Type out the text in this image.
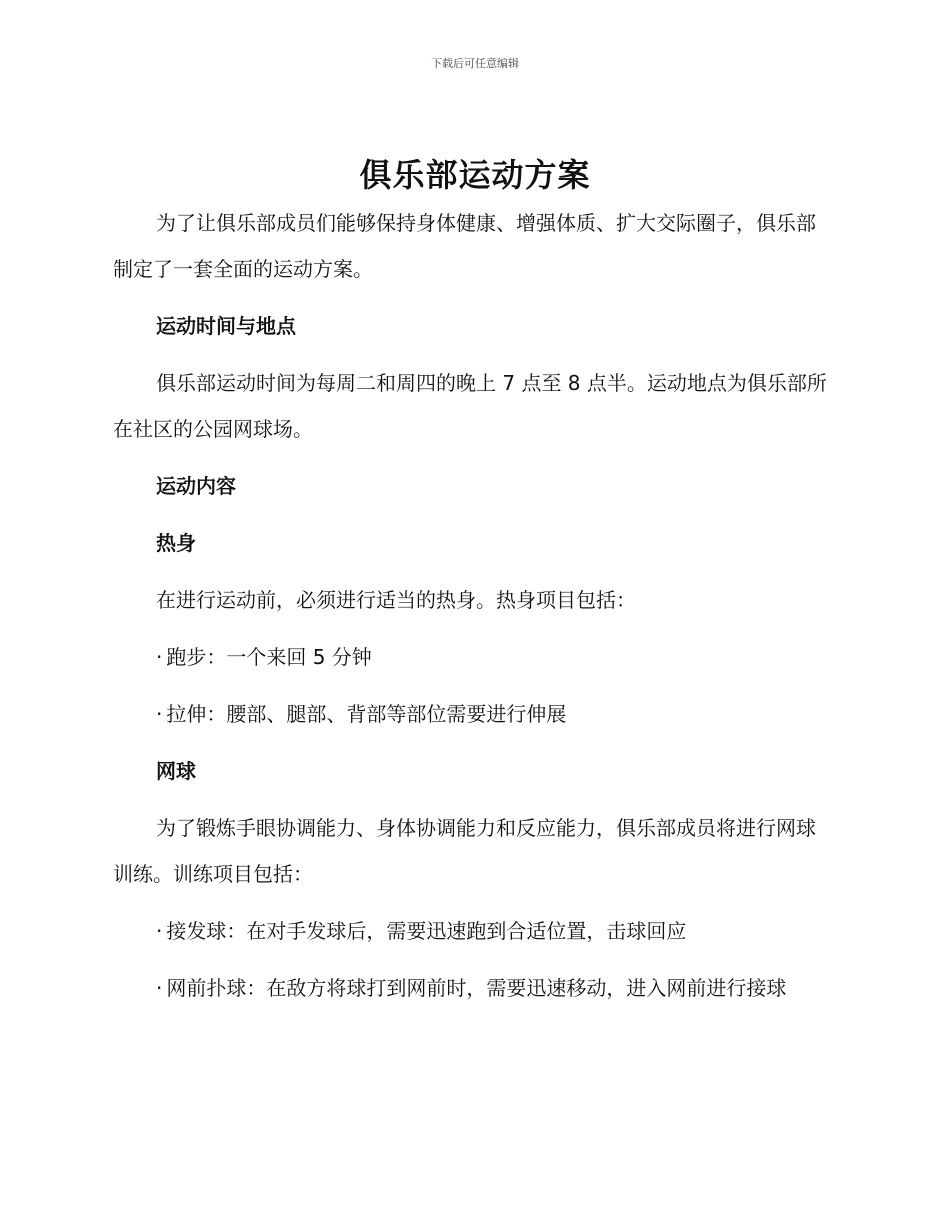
下载后可任意编辑
俱乐部运动方案

为了让俱乐部成员们能够保持身体健康、增强体质、扩大交际圈子，俱乐部制定了一套全面的运动方案。

运动时间与地点

俱乐部运动时间为每周二和周四的晚上 7 点至 8 点半。运动地点为俱乐部所在社区的公园网球场。

运动内容

热身

在进行运动前，必须进行适当的热身。热身项目包括：

· 跑步：一个来回 5 分钟

· 拉伸：腰部、腿部、背部等部位需要进行伸展

网球

为了锻炼手眼协调能力、身体协调能力和反应能力，俱乐部成员将进行网球训练。训练项目包括：

· 接发球：在对手发球后，需要迅速跑到合适位置，击球回应

· 网前扑球：在敌方将球打到网前时，需要迅速移动，进入网前进行接球
